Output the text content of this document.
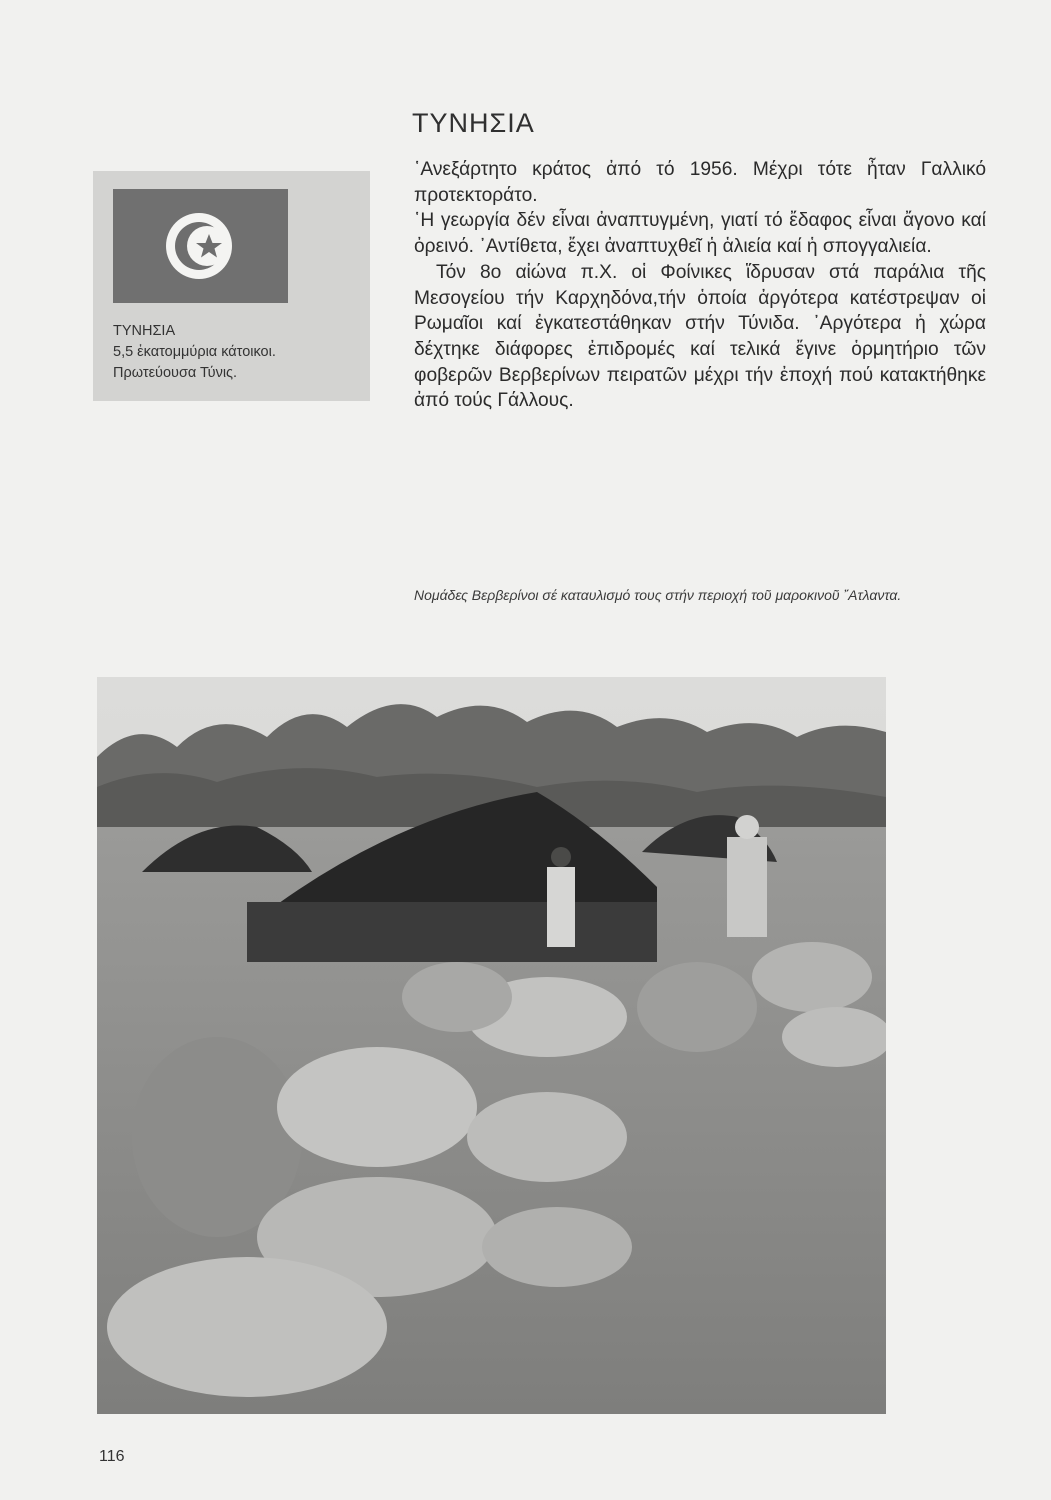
ΤΥΝΗΣΙΑ
ΤΥΝΗΣΙΑ
5,5 ἑκατομμύρια κάτοικοι.
Πρωτεύουσα Τύνις.

῾Ανεξάρτητο κράτος ἀπό τό 1956. Μέχρι τότε ἦταν Γαλλικό προτεκτοράτο.

῾Η γεωργία δέν εἶναι ἀναπτυγμένη, γιατί τό ἔδαφος εἶναι ἄγονο καί ὀρεινό. ᾿Αντίθετα, ἔχει ἀναπτυχθεῖ ἡ ἁλιεία καί ἡ σπογγαλιεία.

Τόν 8ο αἰώνα π.Χ. οἱ Φοίνικες ἵδρυσαν στά παράλια τῆς Μεσογείου τήν Καρχηδόνα,τήν ὁποία ἀργότερα κατέστρεψαν οἱ Ρωμαῖοι καί ἐγκατεστάθηκαν στήν Τύνιδα. ᾿Αργότερα ἡ χώρα δέχτηκε διάφορες ἐπιδρομές καί τελικά ἔγινε ὁρμητήριο τῶν φοβερῶν Βερβερίνων πειρατῶν μέχρι τήν ἐποχή πού κατακτήθηκε ἀπό τούς Γάλλους.

Νομάδες Βερβερίνοι σέ καταυλισμό τους στήν περιοχή τοῦ μαροκινοῦ ῎Ατλαντα.
116
